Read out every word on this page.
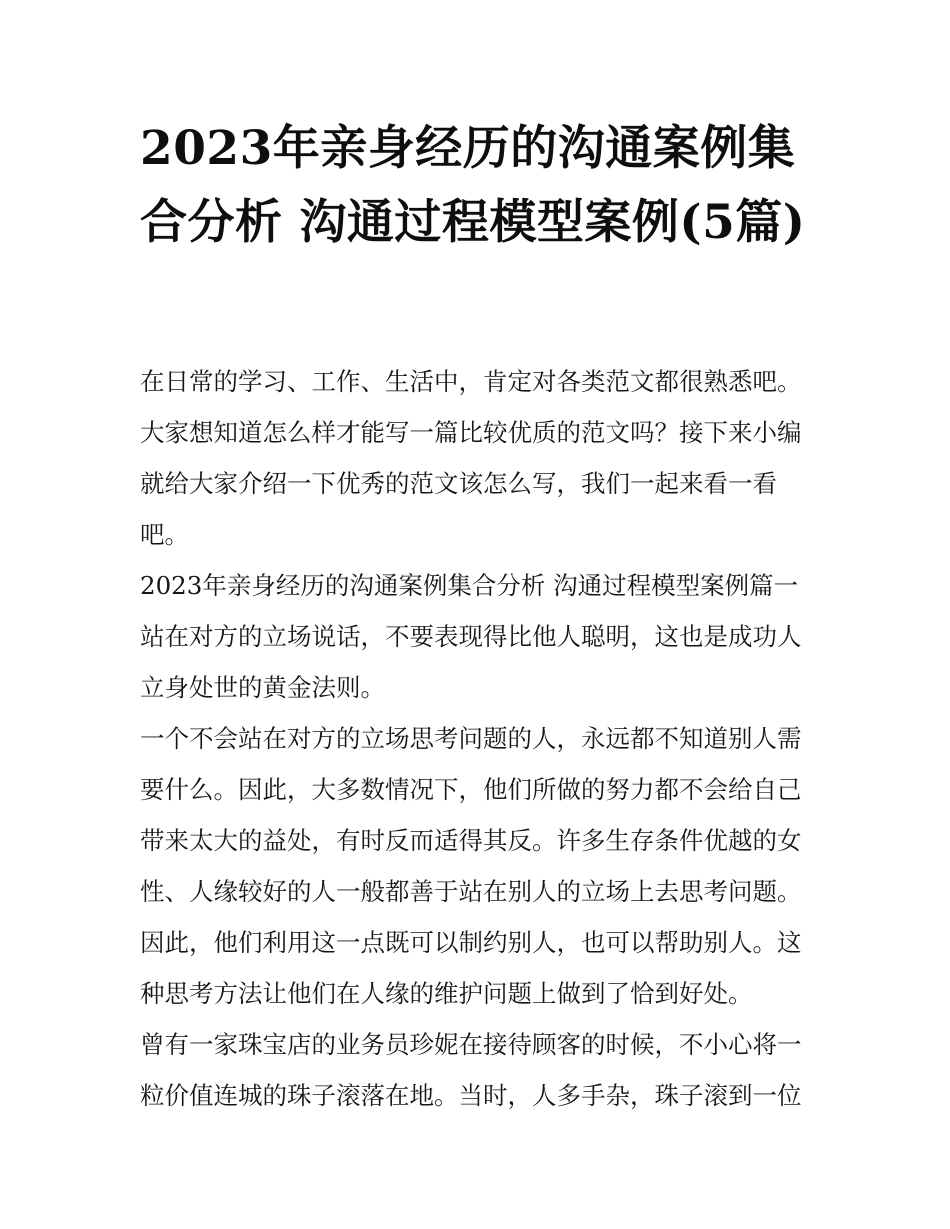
2023年亲身经历的沟通案例集合分析 沟通过程模型案例(5篇)

在日常的学习、工作、生活中，肯定对各类范文都很熟悉吧。大家想知道怎么样才能写一篇比较优质的范文吗？接下来小编就给大家介绍一下优秀的范文该怎么写，我们一起来看一看吧。

2023年亲身经历的沟通案例集合分析 沟通过程模型案例篇一

站在对方的立场说话，不要表现得比他人聪明，这也是成功人立身处世的黄金法则。

一个不会站在对方的立场思考问题的人，永远都不知道别人需要什么。因此，大多数情况下，他们所做的努力都不会给自己带来太大的益处，有时反而适得其反。许多生存条件优越的女性、人缘较好的人一般都善于站在别人的立场上去思考问题。因此，他们利用这一点既可以制约别人，也可以帮助别人。这种思考方法让他们在人缘的维护问题上做到了恰到好处。

曾有一家珠宝店的业务员珍妮在接待顾客的时候，不小心将一粒价值连城的珠子滚落在地。当时，人多手杂，珠子滚到一位
